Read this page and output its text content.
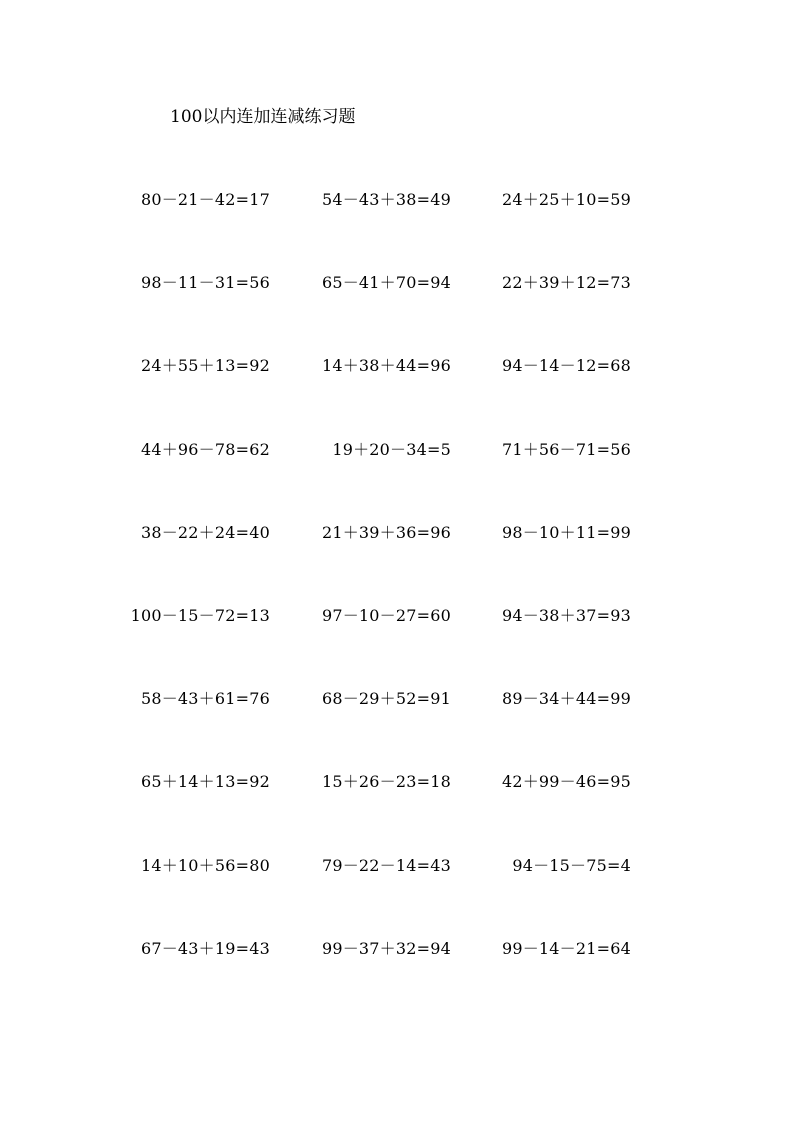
100以内连加连减练习题
80－21－42=17	54－43＋38=49	24＋25＋10=59
98－11－31=56	65－41＋70=94	22＋39＋12=73
24＋55＋13=92	14＋38＋44=96	94－14－12=68
44＋96－78=62	19＋20－34=5	71＋56－71=56
38－22＋24=40	21＋39＋36=96	98－10＋11=99
100－15－72=13	97－10－27=60	94－38＋37=93
58－43＋61=76	68－29＋52=91	89－34＋44=99
65＋14＋13=92	15＋26－23=18	42＋99－46=95
14＋10＋56=80	79－22－14=43	94－15－75=4
67－43＋19=43	99－37＋32=94	99－14－21=64
